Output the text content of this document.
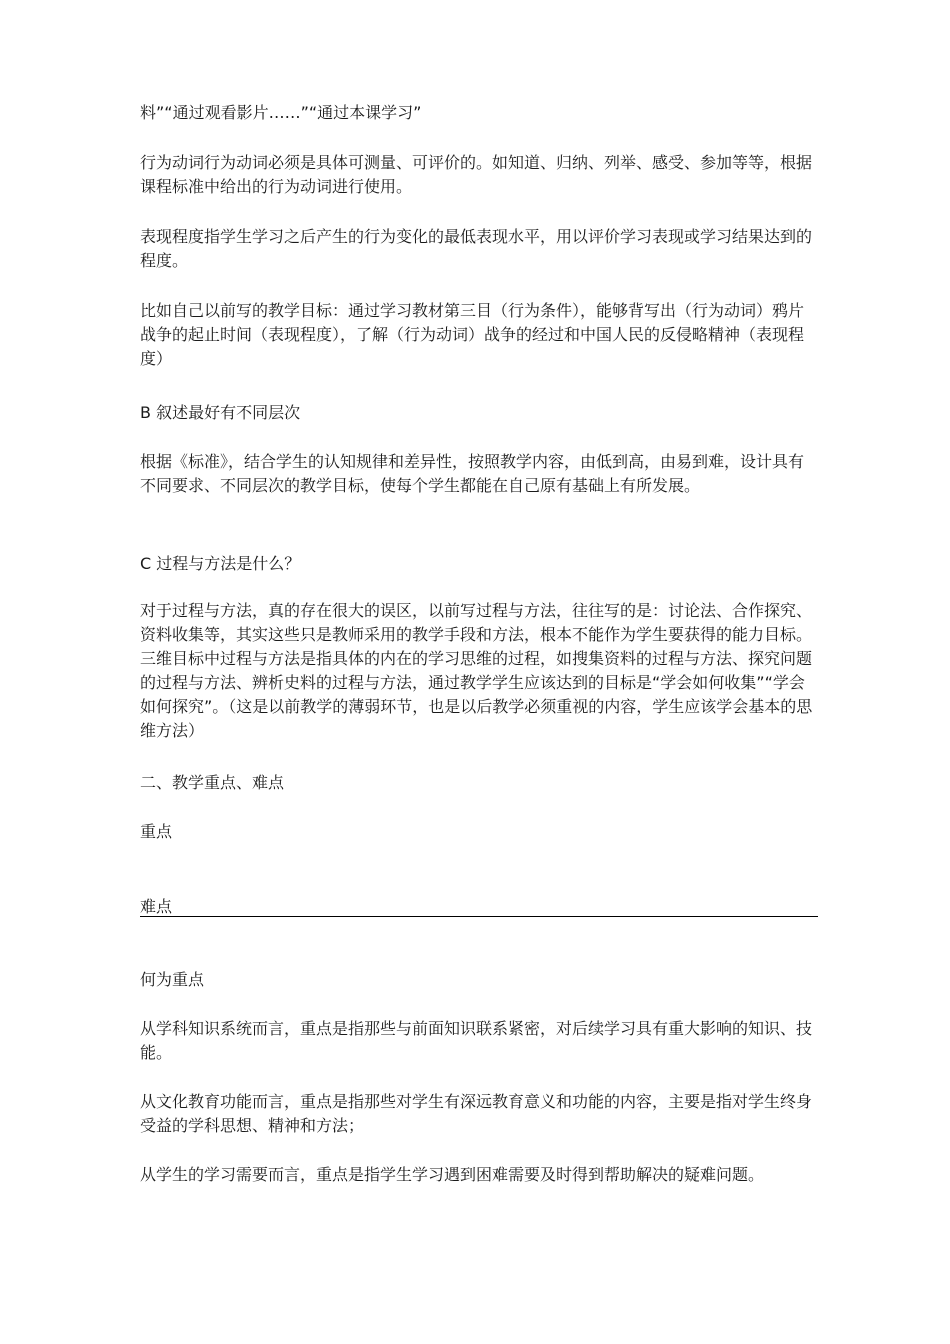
料”“通过观看影片……”“通过本课学习”

行为动词行为动词必须是具体可测量、可评价的。如知道、归纳、列举、感受、参加等等，根据课程标准中给出的行为动词进行使用。

表现程度指学生学习之后产生的行为变化的最低表现水平，用以评价学习表现或学习结果达到的程度。

比如自己以前写的教学目标：通过学习教材第三目（行为条件），能够背写出（行为动词）鸦片战争的起止时间（表现程度），了解（行为动词）战争的经过和中国人民的反侵略精神（表现程度）

B 叙述最好有不同层次

根据《标准》，结合学生的认知规律和差异性，按照教学内容，由低到高，由易到难，设计具有不同要求、不同层次的教学目标，使每个学生都能在自己原有基础上有所发展。

C 过程与方法是什么？

对于过程与方法，真的存在很大的误区，以前写过程与方法，往往写的是：讨论法、合作探究、资料收集等，其实这些只是教师采用的教学手段和方法，根本不能作为学生要获得的能力目标。三维目标中过程与方法是指具体的内在的学习思维的过程，如搜集资料的过程与方法、探究问题的过程与方法、辨析史料的过程与方法，通过教学学生应该达到的目标是“学会如何收集”“学会如何探究”。（这是以前教学的薄弱环节，也是以后教学必须重视的内容，学生应该学会基本的思维方法）

二、教学重点、难点

重点

难点

何为重点

从学科知识系统而言，重点是指那些与前面知识联系紧密，对后续学习具有重大影响的知识、技能。

从文化教育功能而言，重点是指那些对学生有深远教育意义和功能的内容，主要是指对学生终身受益的学科思想、精神和方法；

从学生的学习需要而言，重点是指学生学习遇到困难需要及时得到帮助解决的疑难问题。
